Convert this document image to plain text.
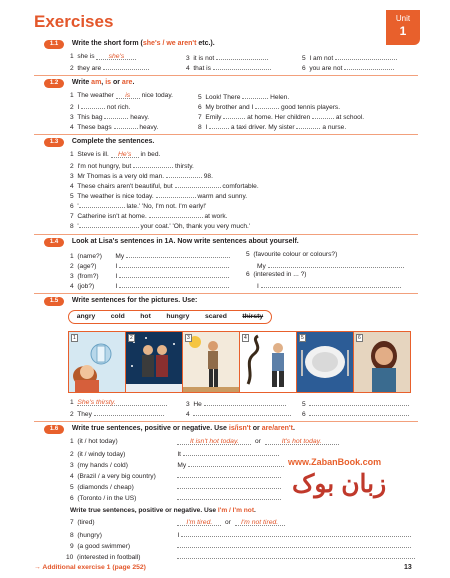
Exercises	Unit
1
1.1 Write the short form (she's / we aren't etc.).
1 she is she's
2 they are
3 it is not
4 that is
5 I am not
6 you are not
1.2 Write am, is or are.
1 The weather is nice today.
2 I	not rich.
3 This bag	heavy.
4 These bags	heavy.
5 Look! There	Helen.
6 My brother and I	good tennis players.
7 Emily	at home. Her children	at school.
8 I	a taxi driver. My sister	a nurse.
1.3 Complete the sentences.
1 Steve is ill. He's in bed.
2 I'm not hungry, but	thirsty.
3 Mr Thomas is a very old man.	98.
4 These chairs aren't beautiful, but	comfortable.
5 The weather is nice today.	warm and sunny.
6 '	late.' 'No, I'm not. I'm early!'
7 Catherine isn't at home.	at work.
8 '	your coat.' 'Oh, thank you very much.'
1.4 Look at Lisa's sentences in 1A. Now write sentences about yourself.
1 (name?) My
2 (age?)	I
3 (from?)	I
4 (job?)	I
5 (favourite colour or colours?)
My
6 (interested in ... ?)
I
1.5 Write sentences for the pictures. Use:
angry cold hot hungry scared thirsty
1	2	3	4	5	6
1 She's thirsty.
2 They
3 He
4
5
6
1.6 Write true sentences, positive or negative. Use is/isn't or are/aren't.
1 (it / hot today)	It isn't hot today. or	It's hot today.
2 (it / windy today)	It
3 (my hands / cold)	My
4 (Brazil / a very big country)
5 (diamonds / cheap)
6 (Toronto / in the US)
Write true sentences, positive or negative. Use I'm / I'm not.
7 (tired)	I'm tired. or I'm not tired.
8 (hungry)	I
9 (a good swimmer)
10 (interested in football)
www.ZabanBook.com
زبان بوک
→ Additional exercise 1 (page 252)	13
